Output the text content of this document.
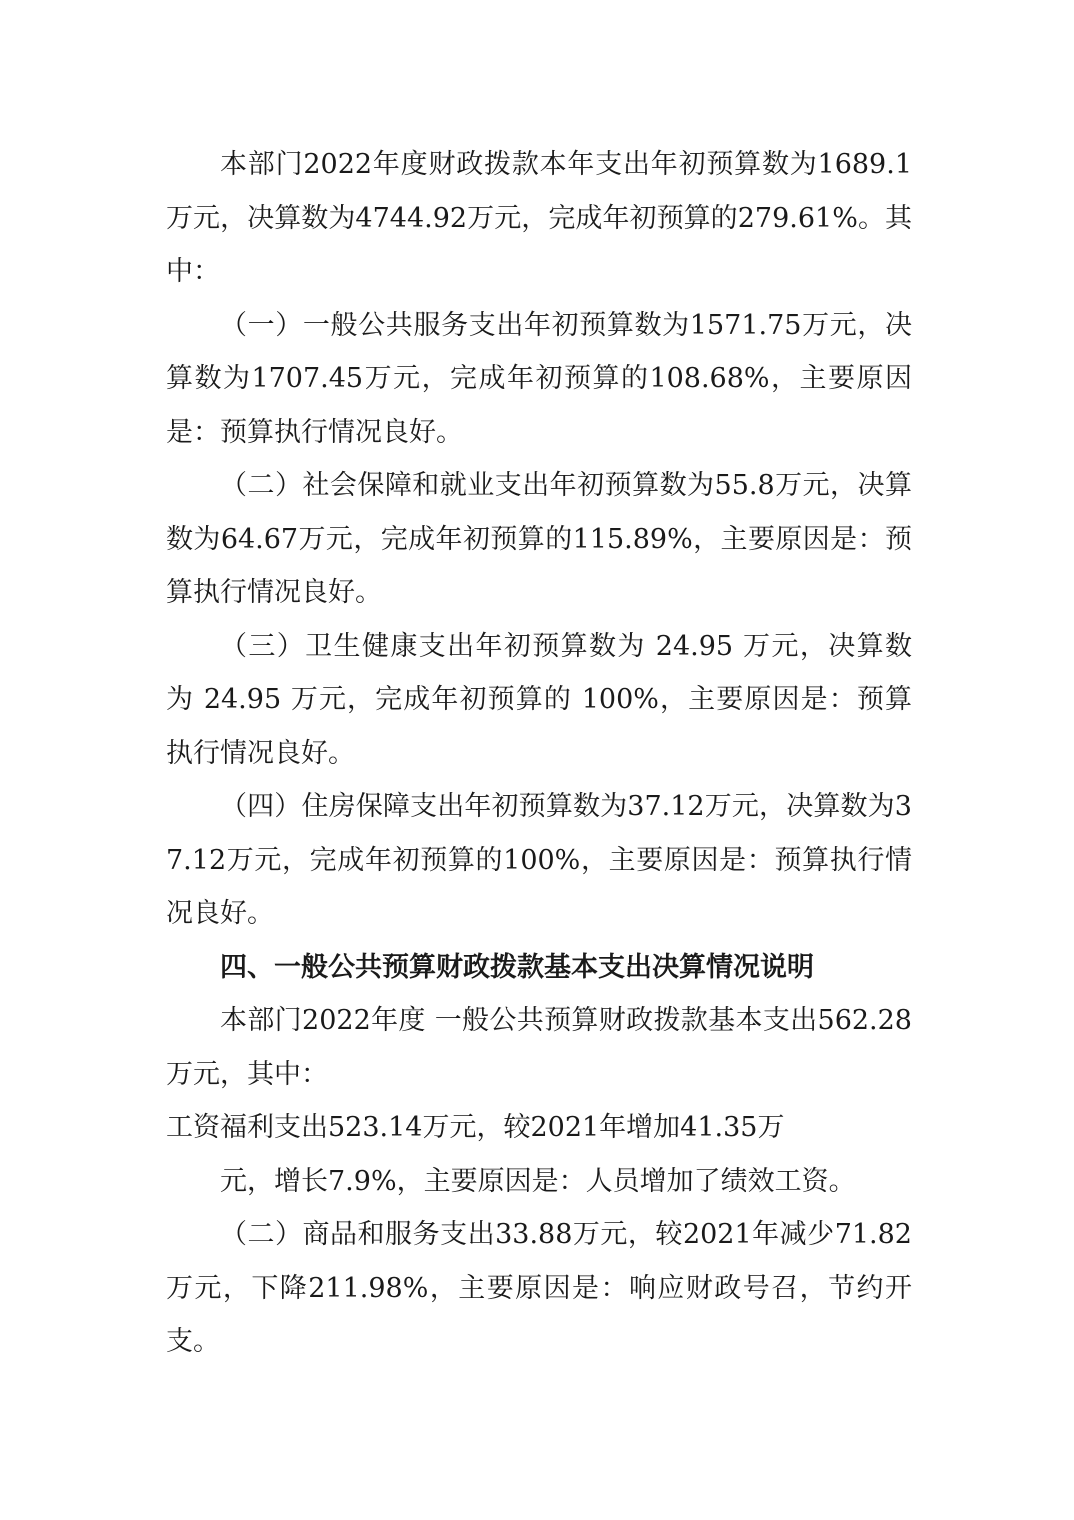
本部门2022年度财政拨款本年支出年初预算数为1689.1万元，决算数为4744.92万元，完成年初预算的279.61%。其中：

（一）一般公共服务支出年初预算数为1571.75万元，决算数为1707.45万元，完成年初预算的108.68%，主要原因是：预算执行情况良好。

（二）社会保障和就业支出年初预算数为55.8万元，决算数为64.67万元，完成年初预算的115.89%，主要原因是：预算执行情况良好。

（三）卫生健康支出年初预算数为 24.95 万元，决算数 为 24.95 万元，完成年初预算的 100%，主要原因是：预算执行情况良好。

（四）住房保障支出年初预算数为37.12万元，决算数为37.12万元，完成年初预算的100%，主要原因是：预算执行情况良好。

四、一般公共预算财政拨款基本支出决算情况说明

本部门2022年度 一般公共预算财政拨款基本支出562.28万元，其中：

工资福利支出523.14万元，较2021年增加41.35万

元，增长7.9%，主要原因是：人员增加了绩效工资。

（二）商品和服务支出33.88万元，较2021年减少71.82 万元，下降211.98%，主要原因是：响应财政号召，节约开支。
